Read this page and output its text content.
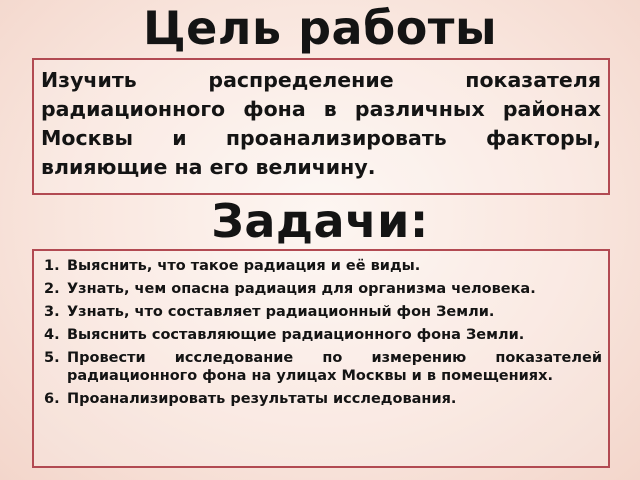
Цель работы

Изучить распределение показателя радиационного фона в различных районах Москвы и проанализировать факторы, влияющие на его величину.

Задачи:
1. Выяснить, что такое радиация и её виды.
2. Узнать, чем опасна радиация для организма человека.
3. Узнать, что составляет радиационный фон Земли.
4. Выяснить составляющие радиационного фона Земли.
5. Провести исследование по измерению показателей радиационного фона на улицах Москвы и в помещениях.
6. Проанализировать результаты исследования.
